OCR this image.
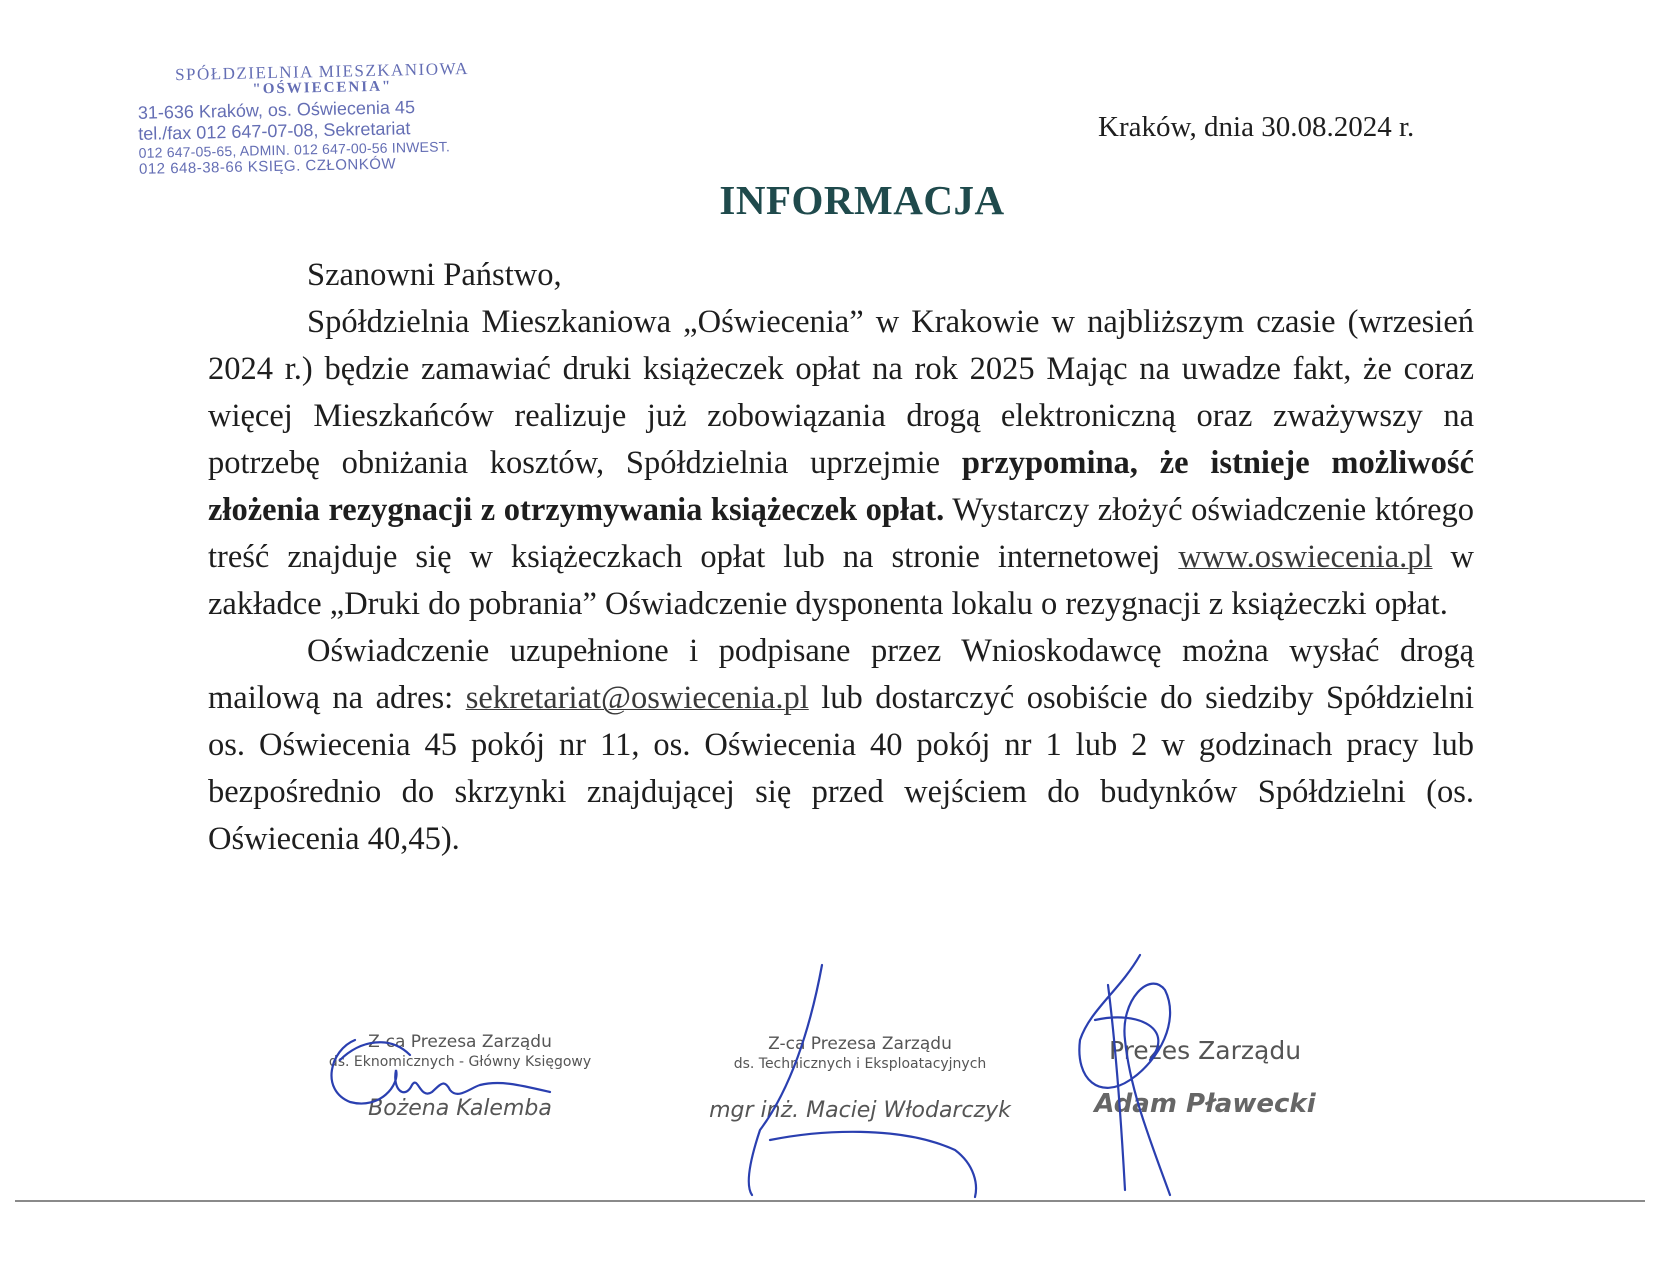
SPÓŁDZIELNIA MIESZKANIOWA
"OŚWIECENIA"
31-636 Kraków, os. Oświecenia 45
tel./fax 012 647-07-08, Sekretariat
012 647-05-65, ADMIN. 012 647-00-56 INWEST.
012 648-38-66 KSIĘG. CZŁONKÓW
Kraków, dnia 30.08.2024 r.
INFORMACJA

Szanowni Państwo,

Spółdzielnia Mieszkaniowa „Oświecenia” w Krakowie w najbliższym czasie (wrzesień 2024 r.) będzie zamawiać druki książeczek opłat na rok 2025 Mając na uwadze fakt, że coraz więcej Mieszkańców realizuje już zobowiązania drogą elektroniczną oraz zważywszy na potrzebę obniżania kosztów, Spółdzielnia uprzejmie przypomina, że istnieje możliwość złożenia rezygnacji z otrzymywania książeczek opłat. Wystarczy złożyć oświadczenie którego treść znajduje się w książeczkach opłat lub na stronie internetowej www.oswiecenia.pl w zakładce „Druki do pobrania” Oświadczenie dysponenta lokalu o rezygnacji z książeczki opłat.

Oświadczenie uzupełnione i podpisane przez Wnioskodawcę można wysłać drogą mailową na adres: sekretariat@oswiecenia.pl lub dostarczyć osobiście do siedziby Spółdzielni os. Oświecenia 45 pokój nr 11, os. Oświecenia 40 pokój nr 1 lub 2 w godzinach pracy lub bezpośrednio do skrzynki znajdującej się przed wejściem do budynków Spółdzielni (os. Oświecenia 40,45).

Z-ca Prezesa Zarządu
ds. Eknomicznych - Główny Księgowy
Bożena Kalemba
Z-ca Prezesa Zarządu
ds. Technicznych i Eksploatacyjnych
mgr inż. Maciej Włodarczyk
Prezes Zarządu
Adam Pławecki
